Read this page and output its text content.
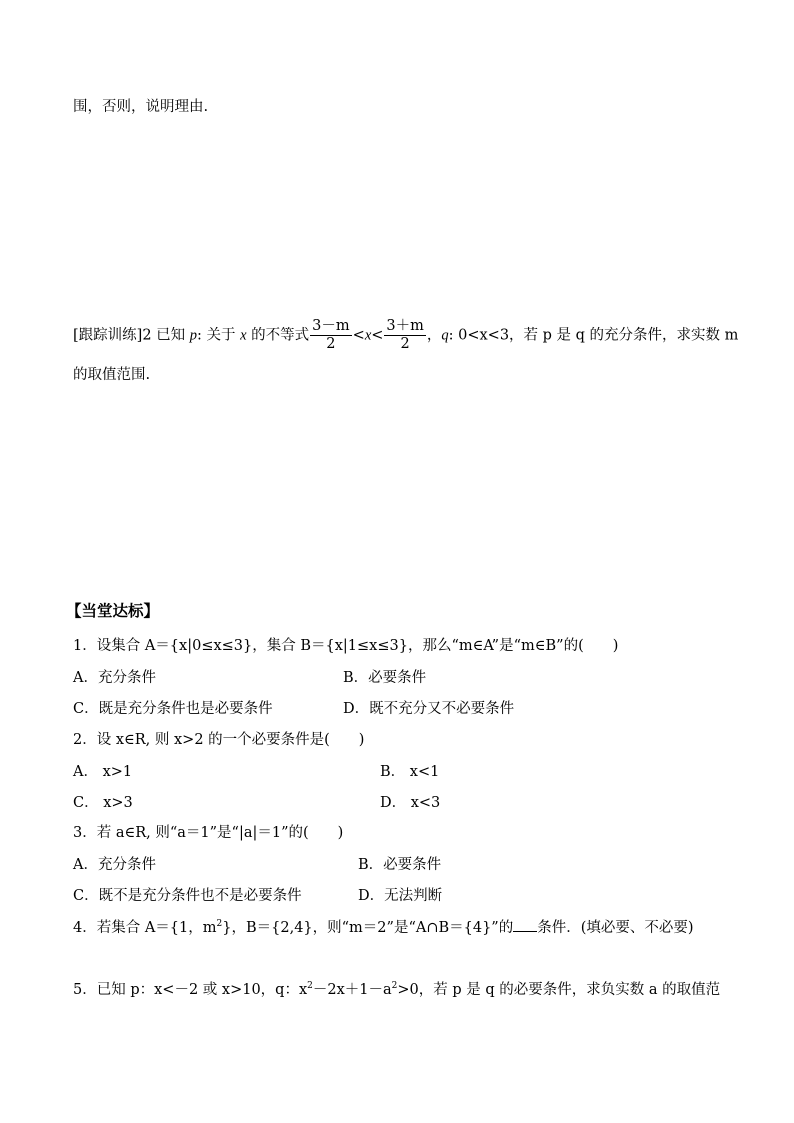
围，否则，说明理由.
[跟踪训练]2 已知 p: 关于 x 的不等式 $\frac{3-m}{2} <x< \frac{3+m}{2}$ ，q: 0<x<3，若 p 是 q 的充分条件，求实数 m
的取值范围.
【当堂达标】
1．设集合 A＝{x|0≤x≤3}，集合 B＝{x|1≤x≤3}，那么“m∈A”是“m∈B”的(　　)
A．充分条件	B．必要条件
C．既是充分条件也是必要条件	D．既不充分又不必要条件
2．设 x∈R, 则 x>2 的一个必要条件是(　　)
A． x>1	B． x<1
C． x>3	D． x<3
3．若 a∈R, 则“a＝1”是“|a|＝1”的(　　)
A．充分条件	B．必要条件
C．既不是充分条件也不是必要条件	D．无法判断
4．若集合 A＝{1，$m^2$}，B＝{2,4}，则“m＝2”是“A∩B＝{4}”的 条件．(填必要、不必要)
5．已知 p：x<－2 或 x>10，q：$x^2-2x+1-a^2>0$，若 p 是 q 的必要条件，求负实数 a 的取值范
